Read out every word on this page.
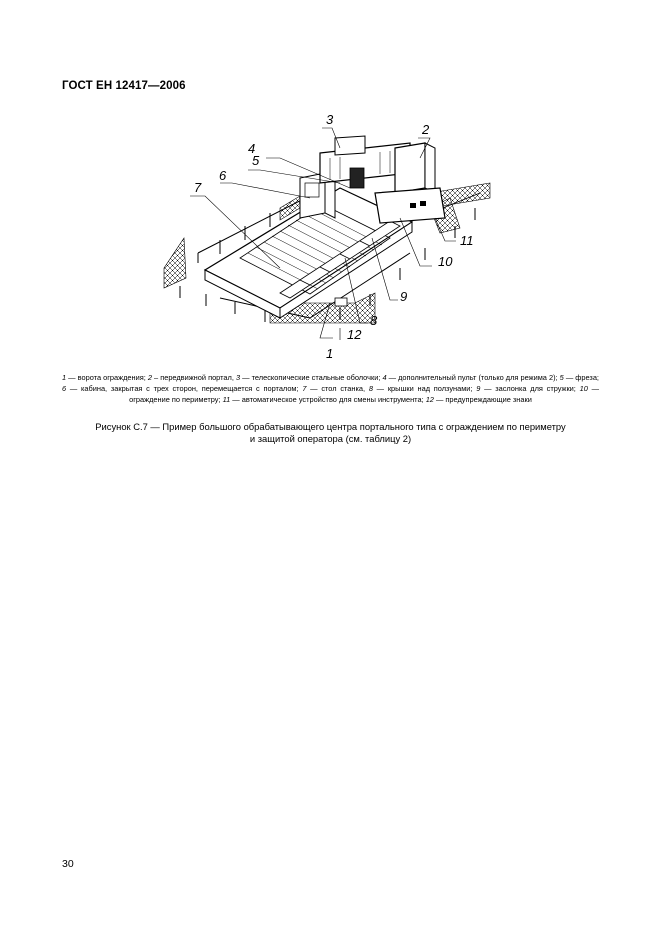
ГОСТ ЕН 12417—2006
1
2
3
4
5
6
7
8
9
10
11
12
1 — ворота ограждения; 2 – передвижной портал, 3 — телескопические стальные оболочки; 4 — дополнительный пульт (только для режима 2); 5 — фреза; 6 — кабина, закрытая с трех сторон, перемещается с порталом; 7 — стол станка, 8 — крышки над ползунами; 9 — заслонка для стружки; 10 — ограждение по периметру; 11 — автоматическое устройство для смены инструмента; 12 — предупреждающие знаки
Рисунок С.7 — Пример большого обрабатывающего центра портального типа с ограждением по периметру
и защитой оператора (см. таблицу 2)
30
